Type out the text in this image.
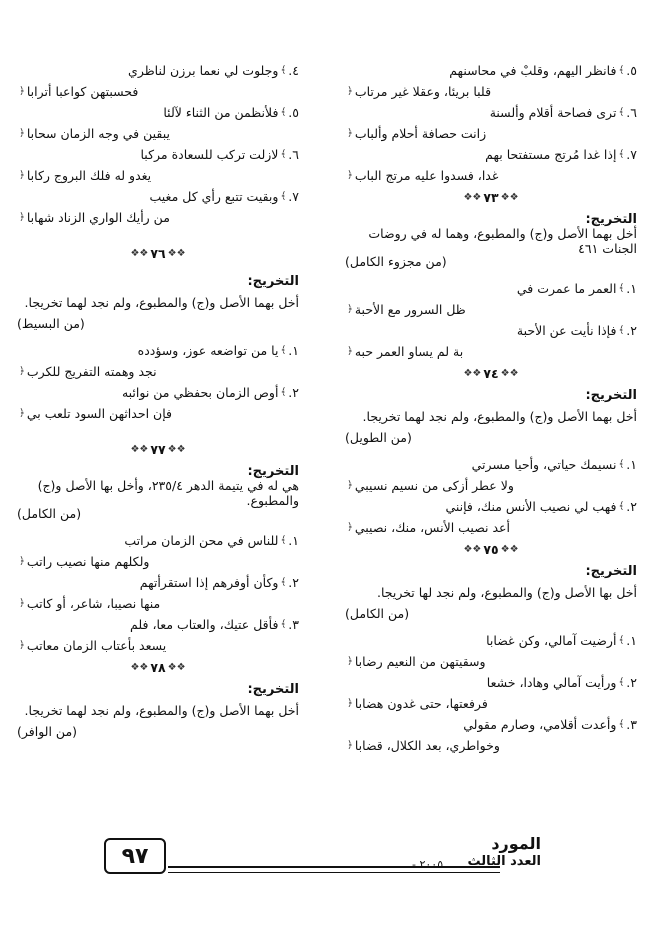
٥.
﴾
فانظر اليهم، وقلبْ في محاسنهم
قلبا بريئا، وعقلا غير مرتاب
﴿
٦.
﴾
ترى فصاحة أقلام وألسنة
زانت حصافة أحلام وألباب
﴿
٧.
﴾
إذا غدا مُرتج مستفتحا بهم
غدا، فسدوا عليه مرتج الباب
﴿
❖❖
٧٣
❖❖
التخريج:
أخل بهما الأصل و(ج) والمطبوع، وهما له في روضات الجنات ٤٦١
(من مجزوء الكامل)
١.
﴾
العمر ما عمرت في
ظل السرور مع الأحبة
﴿
٢.
﴾
فإذا نأيت عن الأحبة
بة لم يساو العمر حبه
﴿
❖❖
٧٤
❖❖
التخريج:
أخل بهما الأصل و(ج) والمطبوع، ولم نجد لهما تخريجا.
(من الطويل)
١.
﴾
نسيمك حياتي، وأحيا مسرتي
ولا عطر أزكى من نسيم نسيبي
﴿
٢.
﴾
فهب لي نصيب الأنس منك، فإنني
أعد نصيب الأنس، منك، نصيبي
﴿
❖❖
٧٥
❖❖
التخريج:
أخل بها الأصل و(ج) والمطبوع، ولم نجد لها تخريجا.
(من الكامل)
١.
﴾
أرضيت آمالي، وكن غضابا
وسقيتهن من النعيم رضابا
﴿
٢.
﴾
ورأيت آمالي وهادا، خشعا
فرفعتها، حتى غدون هضابا
﴿
٣.
﴾
وأعدت أقلامي، وصارم مقولي
وخواطري، بعد الكلال، قضابا
﴿
٤.
﴾
وجلوت لي نعما برزن لناظري
فحسبتهن كواعبا أترابا
﴿
٥.
﴾
فلأنظمن من الثناء لآلئا
يبقين في وجه الزمان سحابا
﴿
٦.
﴾
لازلت تركب للسعادة مركبا
يغدو له فلك البروج ركابا
﴿
٧.
﴾
وبقيت تتبع رأي كل مغيب
من رأيك الواري الزناد شهابا
﴿
❖❖
٧٦
❖❖
التخريج:
أخل بهما الأصل و(ج) والمطبوع، ولم نجد لهما تخريجا.
(من البسيط)
١.
﴾
يا من تواضعه عوز، وسؤدده
نجد وهمته التفريج للكرب
﴿
٢.
﴾
أوص الزمان بحفظي من نوائبه
فإن احداثهن السود تلعب بي
﴿
❖❖
٧٧
❖❖
التخريج:
هي له في يتيمة الدهر ٢٣٥/٤، وأخل بها الأصل و(ج) والمطبوع.
(من الكامل)
١.
﴾
للناس في محن الزمان مراتب
ولكلهم منها نصيب راتب
﴿
٢.
﴾
وكأن أوفرهم إذا استقرأتهم
منها نصيبا، شاعر، أو كاتب
﴿
٣.
﴾
فأقل عتيك، والعتاب معا، فلم
يسعد بأعتاب الزمان معاتب
﴿
❖❖
٧٨
❖❖
التخريج:
أخل بهما الأصل و(ج) والمطبوع، ولم نجد لهما تخريجا.
(من الوافر)
٩٧	المورد
العدد الثالث
٢٠٠٥ -
